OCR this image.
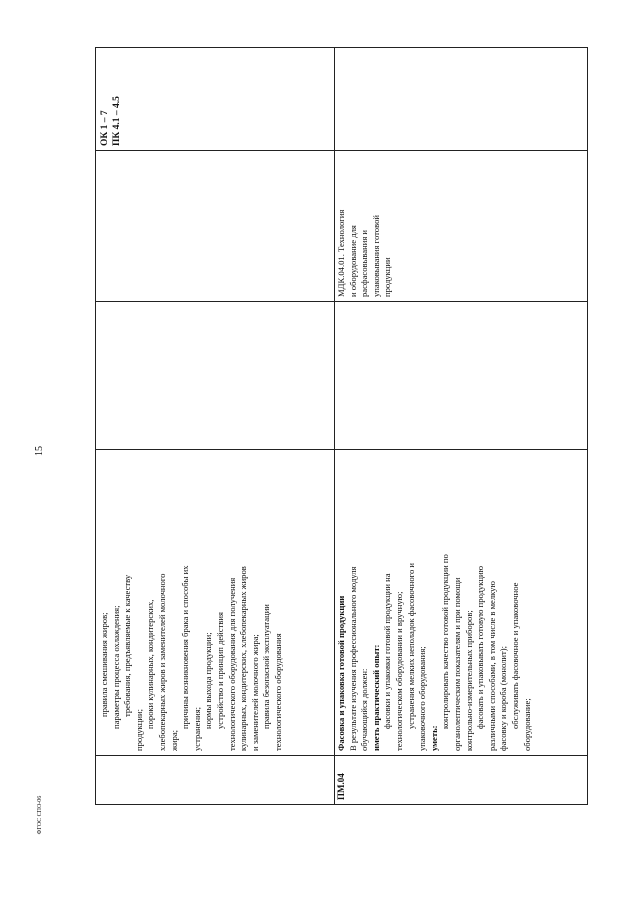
15
ФГОС СПО-06
правила смешивания жиров; параметры процесса охлаждения; требования, предъявляемые к качеству
продукции;
пороки кулинарных, кондитерских, хлебопекарных жиров и заменителей молочного жира;
причины возникновения брака и способы их устранения; нормы выхода продукции; устройство и принцип действия технологического оборудования для получения кулинарных, кондитерских, хлебопекарных жиров и заменителей молочного жира; правила безопасной эксплуатации технологического оборудования
ОК 1 – 7 ПК 4.1 – 4.5
ПМ.04
Фасовка и упаковка готовой продукции В результате изучения профессионального модуля обучающийся должен: иметь практический опыт: фасовки и упаковки готовой продукции на технологическом оборудовании и вручную; устранения мелких неполадок фасовочного и упаковочного оборудования; уметь:
контролировать качество готовой продукции по органолептическим показателям и при помощи контрольно-измерительных приборов; фасовать и упаковывать готовую продукцию различными способами, в том числе в мелкую фасовку и короба (монолит); обслуживать фасовочное и упаковочное оборудование;
МДК.04.01. Технология и оборудование для расфасовывания и упаковывания готовой продукции
